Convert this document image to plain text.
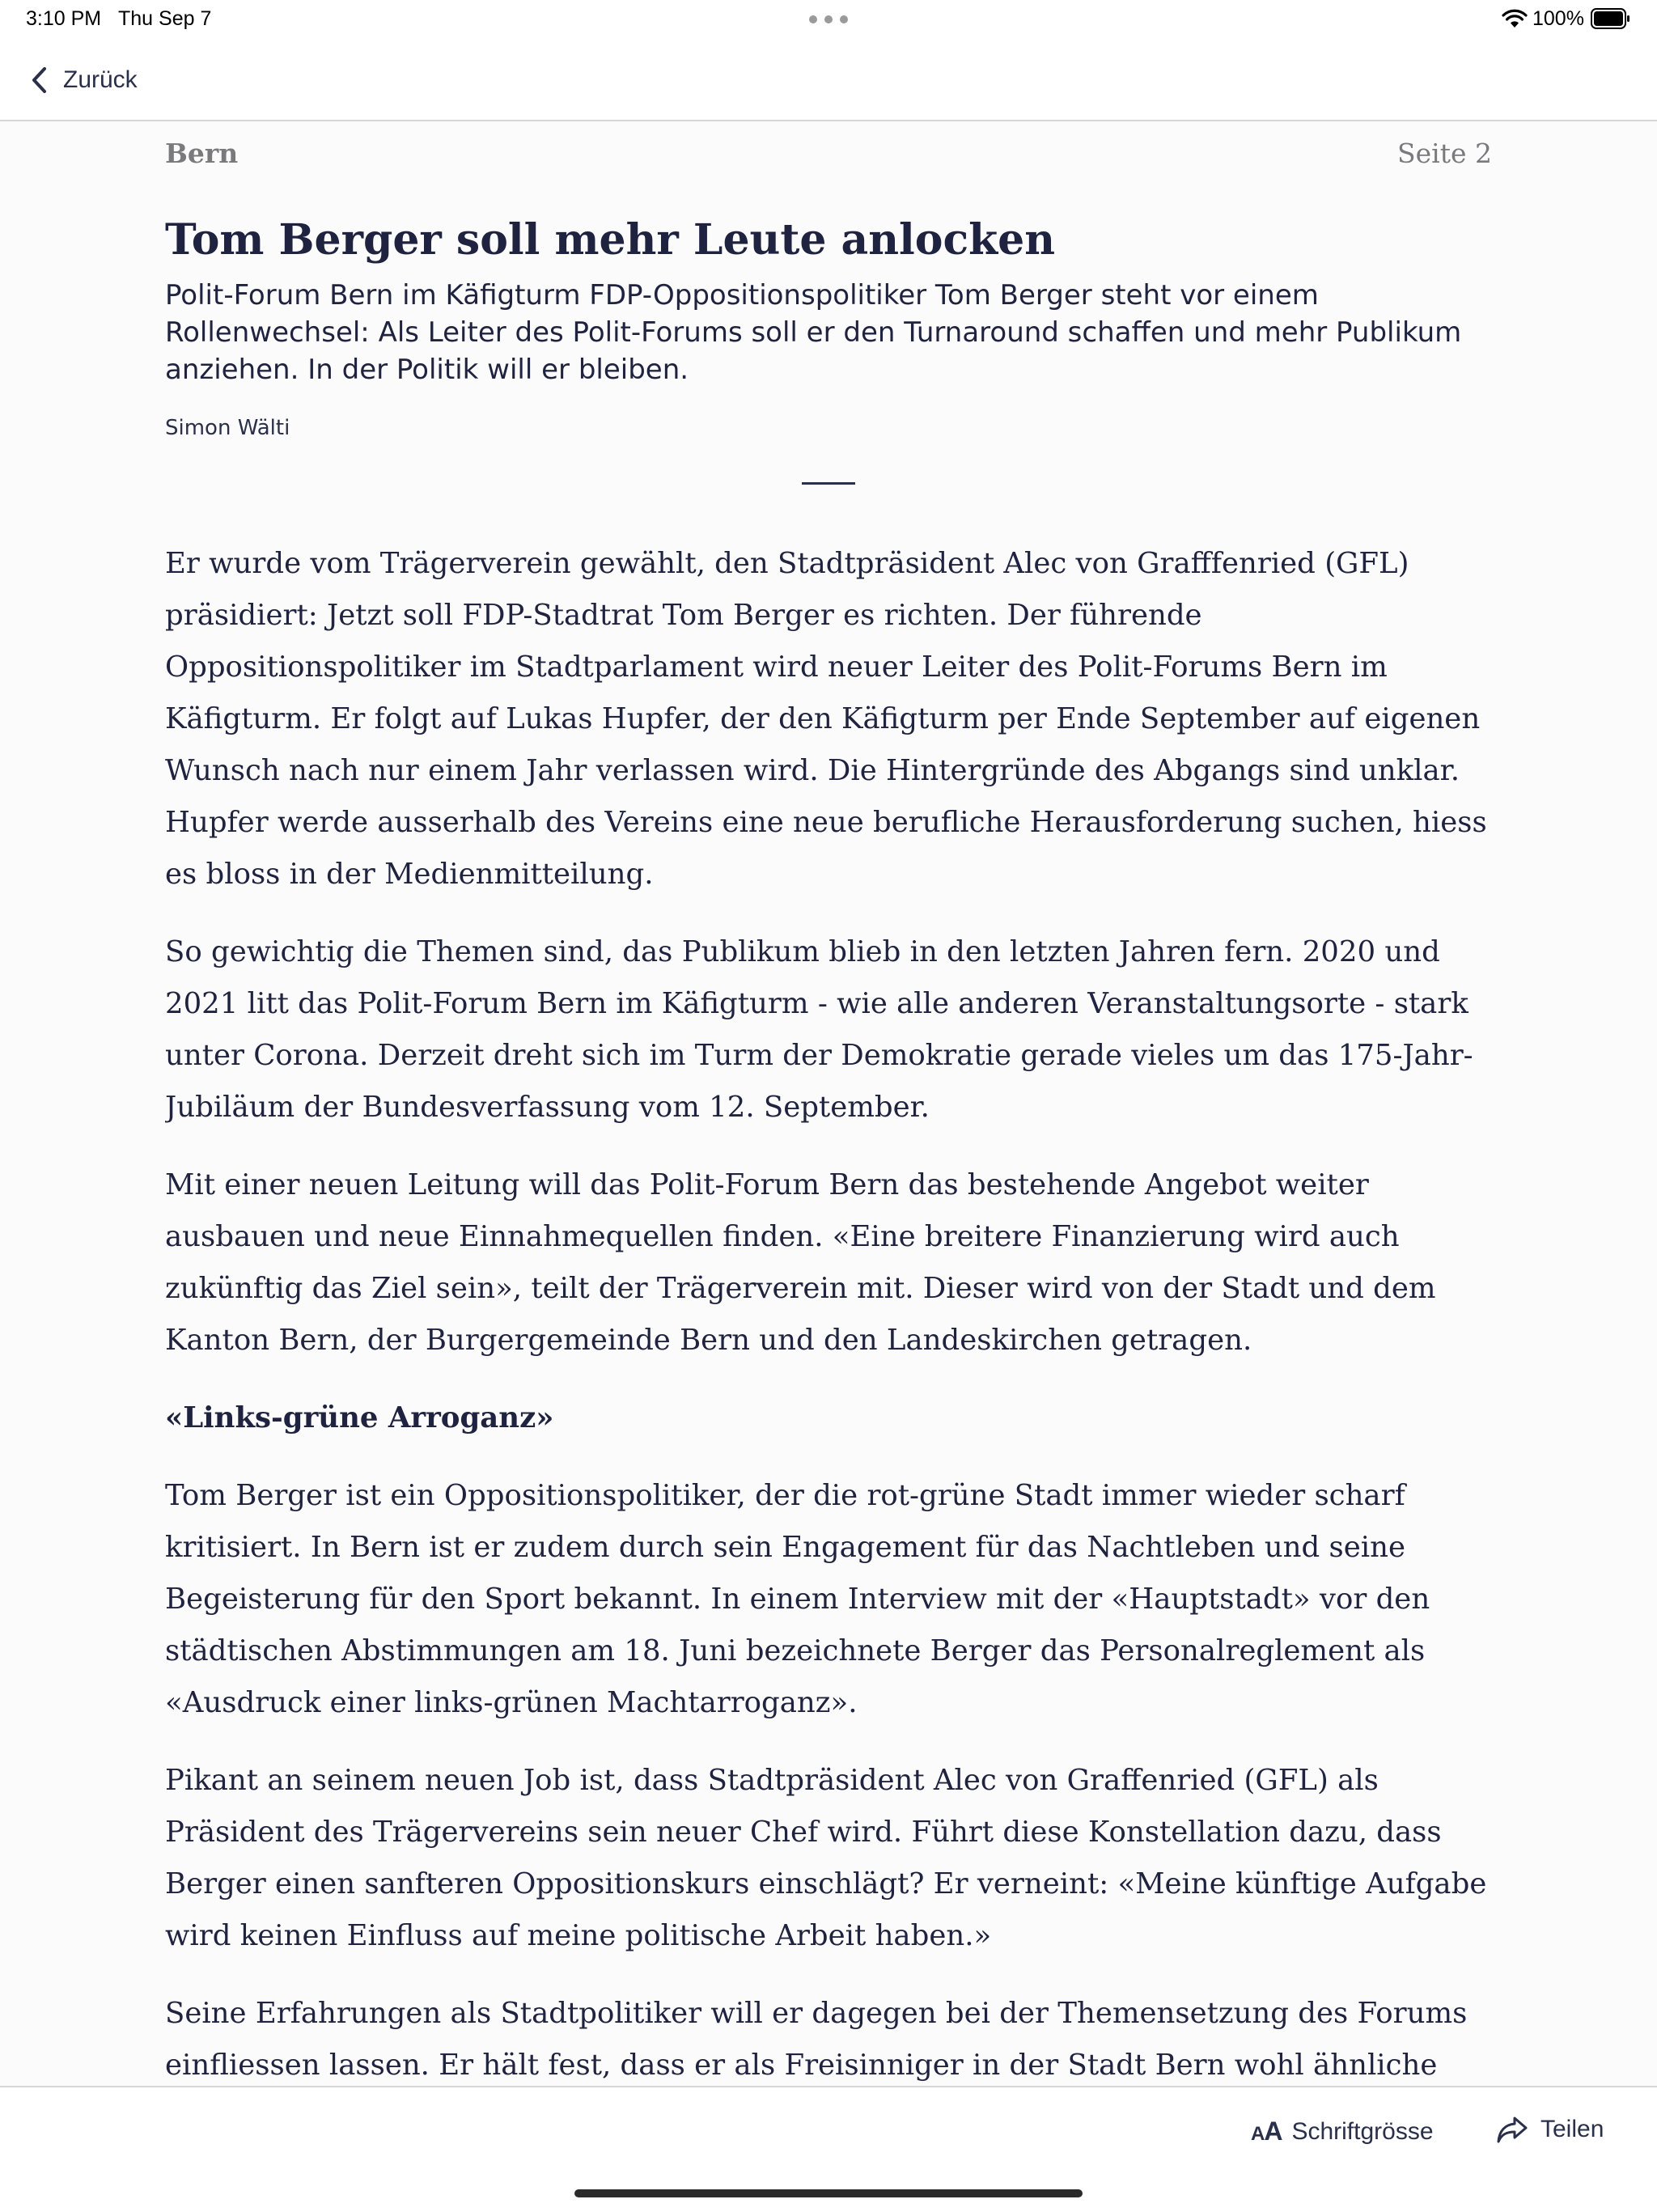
3:10 PM Thu Sep 7	100%
Zurück
Bern	Seite 2
Tom Berger soll mehr Leute anlocken

Polit-Forum Bern im Käfigturm FDP-Oppositionspolitiker Tom Berger steht vor einem Rollenwechsel: Als Leiter des Polit-Forums soll er den Turnaround schaffen und mehr Publikum anziehen. In der Politik will er bleiben.

Simon Wälti

Er wurde vom Trägerverein gewählt, den Stadtpräsident Alec von Grafffenried (GFL) präsidiert: Jetzt soll FDP-Stadtrat Tom Berger es richten. Der führende Oppositionspolitiker im Stadtparlament wird neuer Leiter des Polit-Forums Bern im Käfigturm. Er folgt auf Lukas Hupfer, der den Käfigturm per Ende September auf eigenen Wunsch nach nur einem Jahr verlassen wird. Die Hintergründe des Abgangs sind unklar. Hupfer werde ausserhalb des Vereins eine neue berufliche Herausforderung suchen, hiess es bloss in der Medienmitteilung.

So gewichtig die Themen sind, das Publikum blieb in den letzten Jahren fern. 2020 und 2021 litt das Polit-Forum Bern im Käfigturm - wie alle anderen Veranstaltungsorte - stark unter Corona. Derzeit dreht sich im Turm der Demokratie gerade vieles um das 175-Jahr-Jubiläum der Bundesverfassung vom 12. September.

Mit einer neuen Leitung will das Polit-Forum Bern das bestehende Angebot weiter ausbauen und neue Einnahmequellen finden. «Eine breitere Finanzierung wird auch zukünftig das Ziel sein», teilt der Trägerverein mit. Dieser wird von der Stadt und dem Kanton Bern, der Burgergemeinde Bern und den Landeskirchen getragen.

«Links-grüne Arroganz»

Tom Berger ist ein Oppositionspolitiker, der die rot-grüne Stadt immer wieder scharf kritisiert. In Bern ist er zudem durch sein Engagement für das Nachtleben und seine Begeisterung für den Sport bekannt. In einem Interview mit der «Hauptstadt» vor den städtischen Abstimmungen am 18. Juni bezeichnete Berger das Personalreglement als «Ausdruck einer links-grünen Machtarroganz».

Pikant an seinem neuen Job ist, dass Stadtpräsident Alec von Graffenried (GFL) als Präsident des Trägervereins sein neuer Chef wird. Führt diese Konstellation dazu, dass Berger einen sanfteren Oppositionskurs einschlägt? Er verneint: «Meine künftige Aufgabe wird keinen Einfluss auf meine politische Arbeit haben.»

Seine Erfahrungen als Stadtpolitiker will er dagegen bei der Themensetzung des Forums einfliessen lassen. Er hält fest, dass er als Freisinniger in der Stadt Bern wohl ähnliche

AA Schriftgrösse	Teilen
